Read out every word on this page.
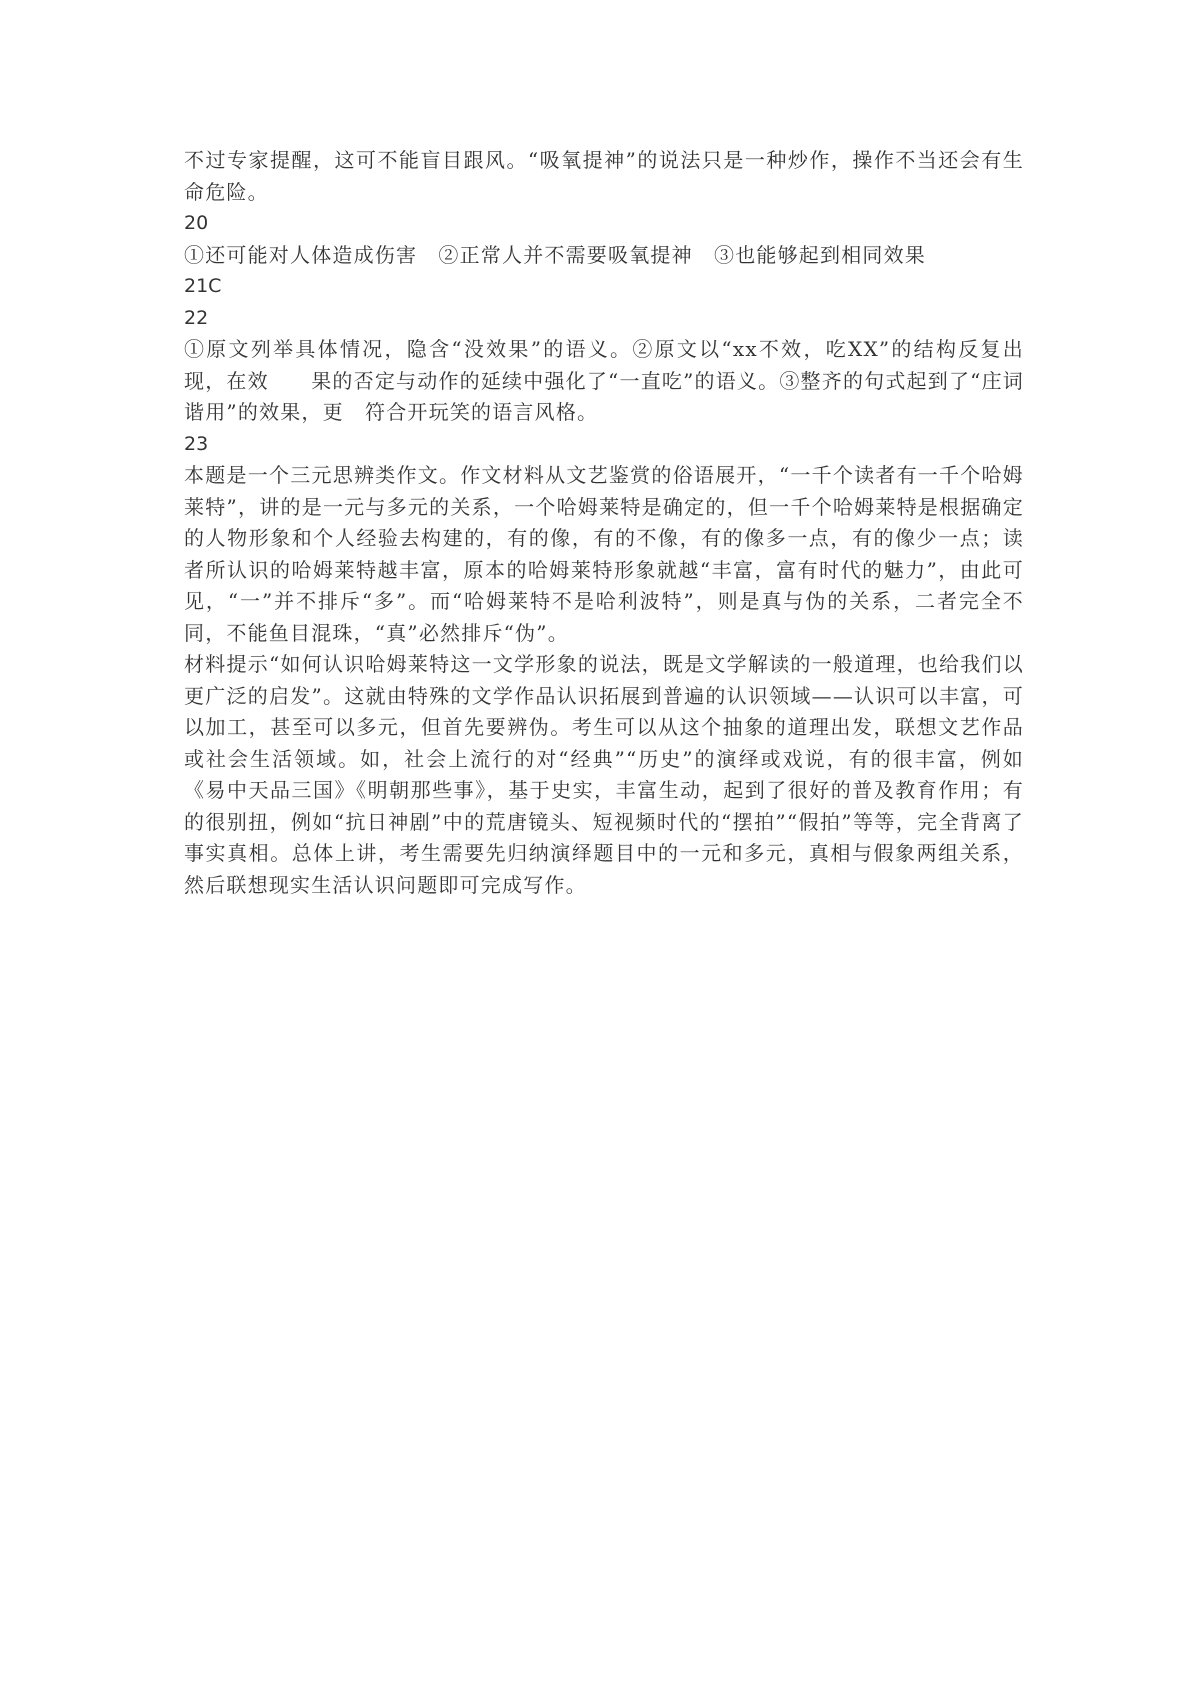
不过专家提醒，这可不能盲目跟风。“吸氧提神”的说法只是一种炒作，操作不当还会有生命危险。

20

①还可能对人体造成伤害　②正常人并不需要吸氧提神　③也能够起到相同效果

21C

22

①原文列举具体情况，隐含“没效果”的语义。②原文以“xx不效，吃XX”的结构反复出现，在效　　果的否定与动作的延续中强化了“一直吃”的语义。③整齐的句式起到了“庄词谐用”的效果，更　符合开玩笑的语言风格。

23

本题是一个三元思辨类作文。作文材料从文艺鉴赏的俗语展开，“一千个读者有一千个哈姆莱特”，讲的是一元与多元的关系，一个哈姆莱特是确定的，但一千个哈姆莱特是根据确定的人物形象和个人经验去构建的，有的像，有的不像，有的像多一点，有的像少一点；读者所认识的哈姆莱特越丰富，原本的哈姆莱特形象就越“丰富，富有时代的魅力”，由此可见，“一”并不排斥“多”。而“哈姆莱特不是哈利波特”，则是真与伪的关系，二者完全不同，不能鱼目混珠，“真”必然排斥“伪”。

材料提示“如何认识哈姆莱特这一文学形象的说法，既是文学解读的一般道理，也给我们以更广泛的启发”。这就由特殊的文学作品认识拓展到普遍的认识领域——认识可以丰富，可以加工，甚至可以多元，但首先要辨伪。考生可以从这个抽象的道理出发，联想文艺作品或社会生活领域。如，社会上流行的对“经典”“历史”的演绎或戏说，有的很丰富，例如《易中天品三国》《明朝那些事》，基于史实，丰富生动，起到了很好的普及教育作用；有的很别扭，例如“抗日神剧”中的荒唐镜头、短视频时代的“摆拍”“假拍”等等，完全背离了事实真相。总体上讲，考生需要先归纳演绎题目中的一元和多元，真相与假象两组关系，然后联想现实生活认识问题即可完成写作。
